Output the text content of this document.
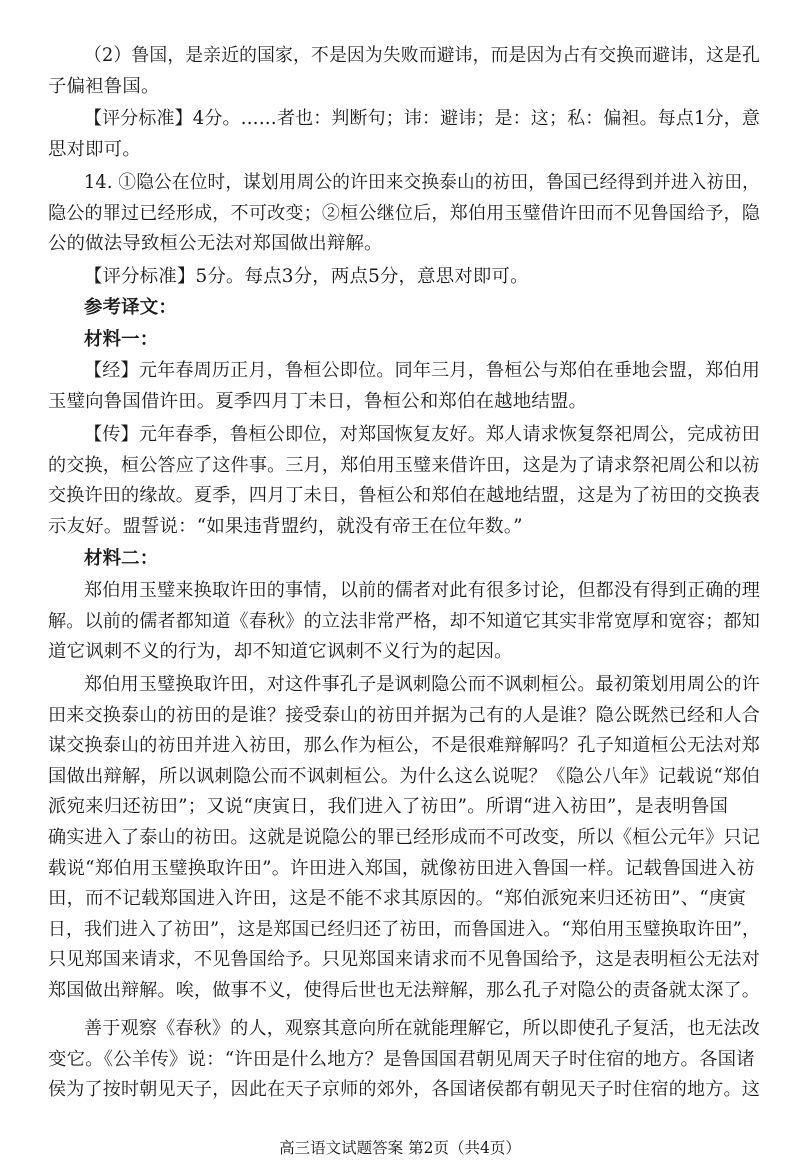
（2）鲁国，是亲近的国家，不是因为失败而避讳，而是因为占有交换而避讳，这是孔
子偏袒鲁国。
【评分标准】4分。……者也：判断句；讳：避讳；是：这；私：偏袒。每点1分，意
思对即可。
14. ①隐公在位时，谋划用周公的许田来交换泰山的祊田，鲁国已经得到并进入祊田，
隐公的罪过已经形成，不可改变；②桓公继位后，郑伯用玉璧借许田而不见鲁国给予，隐
公的做法导致桓公无法对郑国做出辩解。
【评分标准】5分。每点3分，两点5分，意思对即可。
参考译文：
材料一：
【经】元年春周历正月，鲁桓公即位。同年三月，鲁桓公与郑伯在垂地会盟，郑伯用
玉璧向鲁国借许田。夏季四月丁未日，鲁桓公和郑伯在越地结盟。
【传】元年春季，鲁桓公即位，对郑国恢复友好。郑人请求恢复祭祀周公，完成祊田
的交换，桓公答应了这件事。三月，郑伯用玉璧来借许田，这是为了请求祭祀周公和以祊
交换许田的缘故。夏季，四月丁未日，鲁桓公和郑伯在越地结盟，这是为了祊田的交换表
示友好。盟誓说：“如果违背盟约，就没有帝王在位年数。”
材料二：
郑伯用玉璧来换取许田的事情，以前的儒者对此有很多讨论，但都没有得到正确的理
解。以前的儒者都知道《春秋》的立法非常严格，却不知道它其实非常宽厚和宽容；都知
道它讽刺不义的行为，却不知道它讽刺不义行为的起因。
郑伯用玉璧换取许田，对这件事孔子是讽刺隐公而不讽刺桓公。最初策划用周公的许
田来交换泰山的祊田的是谁？接受泰山的祊田并据为己有的人是谁？隐公既然已经和人合
谋交换泰山的祊田并进入祊田，那么作为桓公，不是很难辩解吗？孔子知道桓公无法对郑
国做出辩解，所以讽刺隐公而不讽刺桓公。为什么这么说呢？《隐公八年》记载说“郑伯
派宛来归还祊田”；又说“庚寅日，我们进入了祊田”。所谓“进入祊田”，是表明鲁国
确实进入了泰山的祊田。这就是说隐公的罪已经形成而不可改变，所以《桓公元年》只记
载说“郑伯用玉璧换取许田”。许田进入郑国，就像祊田进入鲁国一样。记载鲁国进入祊
田，而不记载郑国进入许田，这是不能不求其原因的。“郑伯派宛来归还祊田”、“庚寅
日，我们进入了祊田”，这是郑国已经归还了祊田，而鲁国进入。“郑伯用玉璧换取许田”，
只见郑国来请求，不见鲁国给予。只见郑国来请求而不见鲁国给予，这是表明桓公无法对
郑国做出辩解。唉，做事不义，使得后世也无法辩解，那么孔子对隐公的责备就太深了。
善于观察《春秋》的人，观察其意向所在就能理解它，所以即使孔子复活，也无法改
变它。《公羊传》说：“许田是什么地方？是鲁国国君朝见周天子时住宿的地方。各国诸
侯为了按时朝见天子，因此在天子京师的郊外，各国诸侯都有朝见天子时住宿的地方。这
高三语文试题答案 第2页（共4页）
